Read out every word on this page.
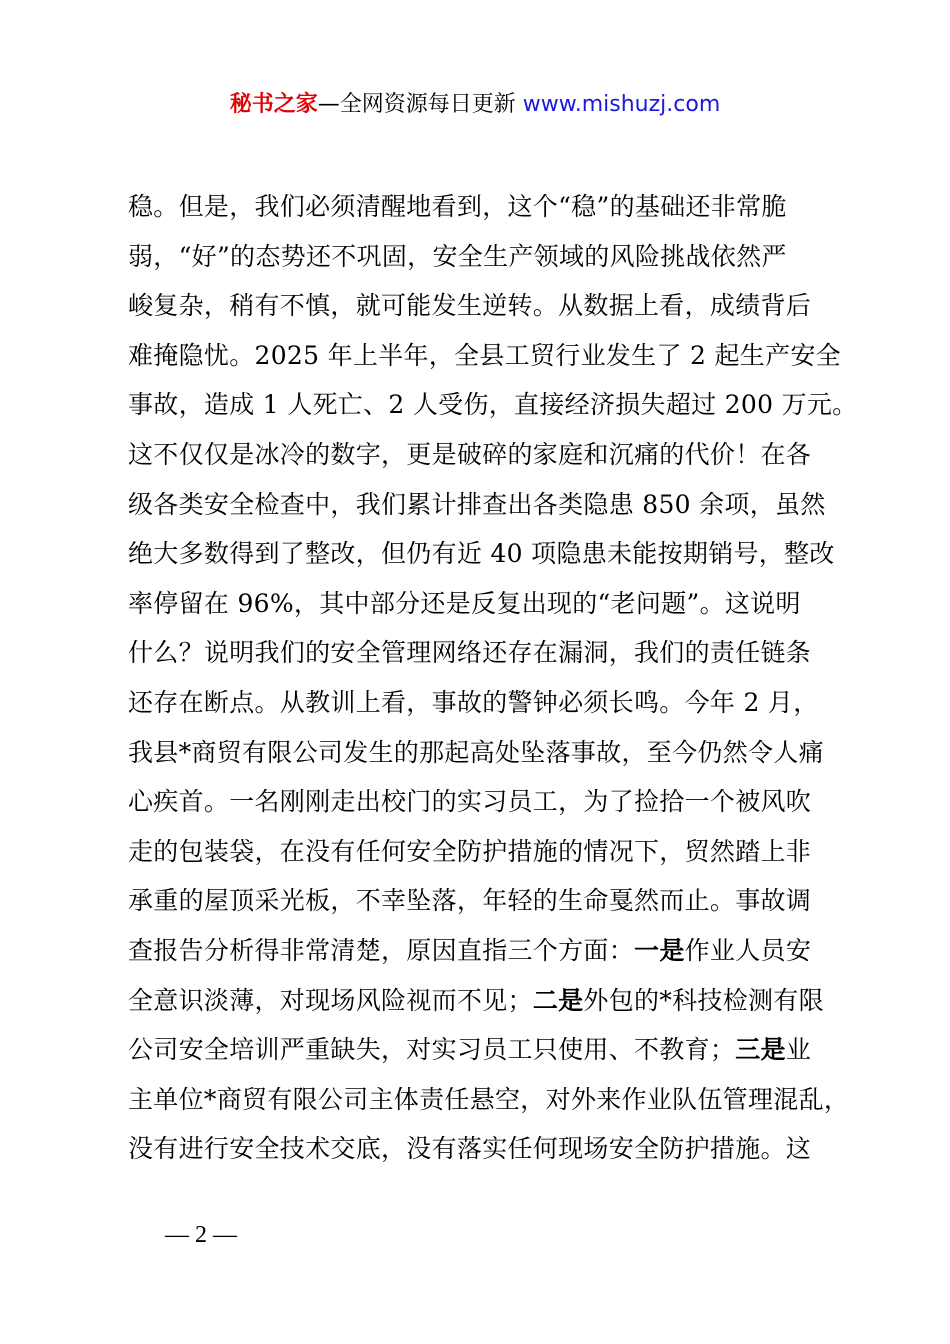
秘书之家—全网资源每日更新 www.mishuzj.com
稳。但是，我们必须清醒地看到，这个“稳”的基础还非常脆
弱，“好”的态势还不巩固，安全生产领域的风险挑战依然严
峻复杂，稍有不慎，就可能发生逆转。从数据上看，成绩背后
难掩隐忧。2025 年上半年，全县工贸行业发生了 2 起生产安全
事故，造成 1 人死亡、2 人受伤，直接经济损失超过 200 万元。
这不仅仅是冰冷的数字，更是破碎的家庭和沉痛的代价！在各
级各类安全检查中，我们累计排查出各类隐患 850 余项，虽然
绝大多数得到了整改，但仍有近 40 项隐患未能按期销号，整改
率停留在 96%，其中部分还是反复出现的“老问题”。这说明
什么？说明我们的安全管理网络还存在漏洞，我们的责任链条
还存在断点。从教训上看，事故的警钟必须长鸣。今年 2 月，
我县*商贸有限公司发生的那起高处坠落事故，至今仍然令人痛
心疾首。一名刚刚走出校门的实习员工，为了捡拾一个被风吹
走的包装袋，在没有任何安全防护措施的情况下，贸然踏上非
承重的屋顶采光板，不幸坠落，年轻的生命戛然而止。事故调
查报告分析得非常清楚，原因直指三个方面：一是作业人员安
全意识淡薄，对现场风险视而不见；二是外包的*科技检测有限
公司安全培训严重缺失，对实习员工只使用、不教育；三是业
主单位*商贸有限公司主体责任悬空，对外来作业队伍管理混乱，
没有进行安全技术交底，没有落实任何现场安全防护措施。这
— 2 —
